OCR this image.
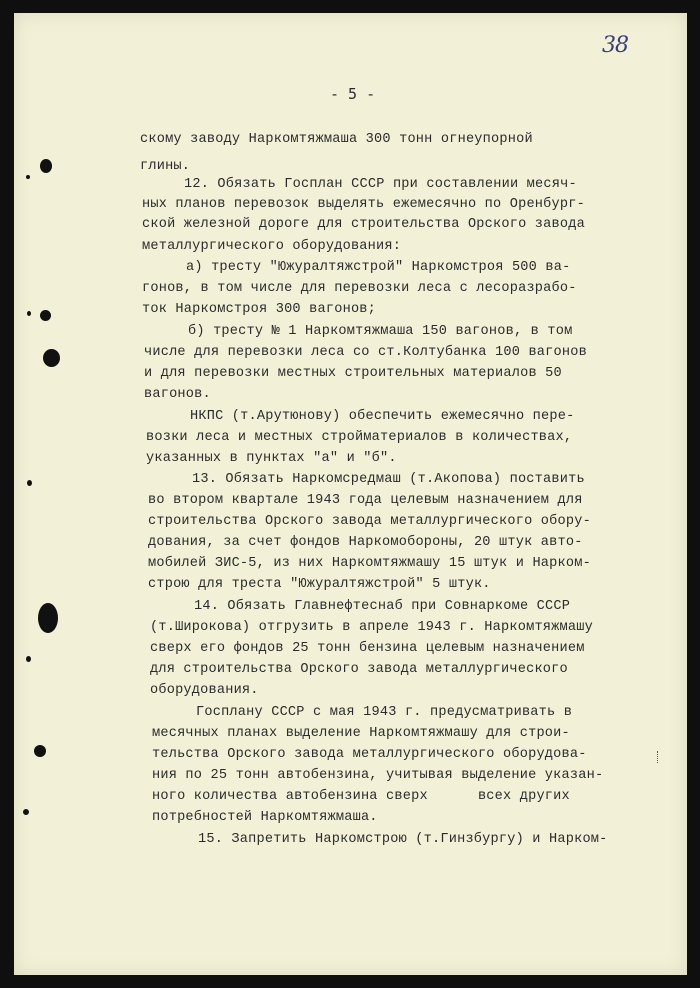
38
- 5 -
скому заводу Наркомтяжмаша 300 тонн огнеупорной
глины.
12. Обязать Госплан СССР при составлении месяч-
ных планов перевозок выделять ежемесячно по Оренбург-
ской железной дороге для строительства Орского завода
металлургического оборудования:
а) тресту "Южуралтяжстрой" Наркомстроя 500 ва-
гонов, в том числе для перевозки леса с лесоразрабо-
ток Наркомстроя 300 вагонов;
б) тресту № 1 Наркомтяжмаша 150 вагонов, в том
числе для перевозки леса со ст.Колтубанка 100 вагонов
и для перевозки местных строительных материалов 50
вагонов.
НКПС (т.Арутюнову) обеспечить ежемесячно пере-
возки леса и местных стройматериалов в количествах,
указанных в пунктах "а" и "б".
13. Обязать Наркомсредмаш (т.Акопова) поставить
во втором квартале 1943 года целевым назначением для
строительства Орского завода металлургического обору-
дования, за счет фондов Наркомобороны, 20 штук авто-
мобилей ЗИС-5, из них Наркомтяжмашу 15 штук и Нарком-
строю для треста "Южуралтяжстрой" 5 штук.
14. Обязать Главнефтеснаб при Совнаркоме СССР
(т.Широкова) отгрузить в апреле 1943 г. Наркомтяжмашу
сверх его фондов 25 тонн бензина целевым назначением
для строительства Орского завода металлургического
оборудования.
Госплану СССР с мая 1943 г. предусматривать в
месячных планах выделение Наркомтяжмашу для строи-
тельства Орского завода металлургического оборудова-
ния по 25 тонн автобензина, учитывая выделение указан-
ного количества автобензина сверх      всех других
потребностей Наркомтяжмаша.
15. Запретить Наркомстрою (т.Гинзбургу) и Нарком-
